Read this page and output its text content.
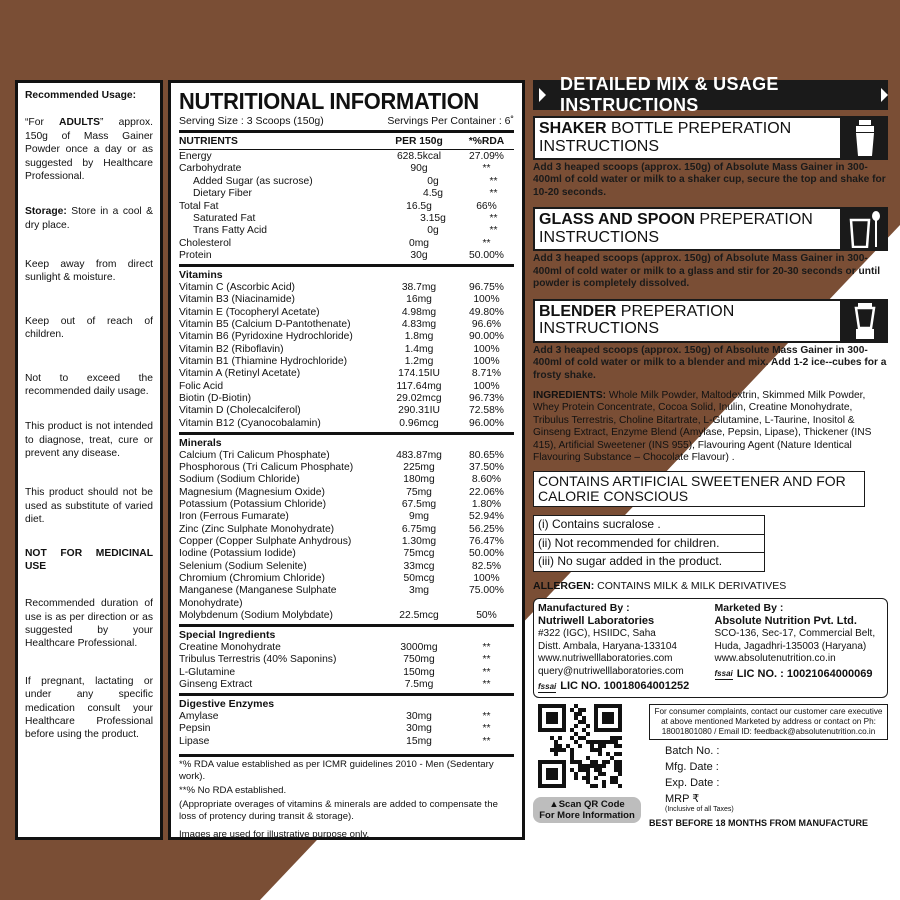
Recommended Usage:
“For ADULTS” approx. 150g of Mass Gainer Powder once a day or as suggested by Healthcare Professional.
Storage: Store in a cool & dry place.
Keep away from direct sunlight & moisture.
Keep out of reach of children.
Not to exceed the recommended daily usage.
This product is not intended to diagnose, treat, cure or prevent any disease.
This product should not be used as substitute of varied diet.
NOT FOR MEDICINAL USE
Recommended duration of use is as per direction or as suggested by your Healthcare Professional.
If pregnant, lactating or under any specific medication consult your Healthcare Professional before using the product.
NUTRITIONAL INFORMATION
Serving Size : 3 Scoops (150g)	Servings Per Container : 6˚
NUTRIENTS	PER 150g	*%RDA
Energy	628.5kcal	27.09%
Carbohydrate	90g	**
Added Sugar (as sucrose)	0g	**
Dietary Fiber	4.5g	**
Total Fat	16.5g	66%
Saturated Fat	3.15g	**
Trans Fatty Acid	0g	**
Cholesterol	0mg	**
Protein	30g	50.00%
Vitamins
Vitamin C (Ascorbic Acid)	38.7mg	96.75%
Vitamin B3 (Niacinamide)	16mg	100%
Vitamin E (Tocopheryl Acetate)	4.98mg	49.80%
Vitamin B5 (Calcium D-Pantothenate)	4.83mg	96.6%
Vitamin B6 (Pyridoxine Hydrochloride)	1.8mg	90.00%
Vitamin B2 (Riboflavin)	1.4mg	100%
Vitamin B1 (Thiamine Hydrochloride)	1.2mg	100%
Vitamin A (Retinyl Acetate)	174.15IU	8.71%
Folic Acid	117.64mg	100%
Biotin (D-Biotin)	29.02mcg	96.73%
Vitamin D (Cholecalciferol)	290.31IU	72.58%
Vitamin B12 (Cyanocobalamin)	0.96mcg	96.00%
Minerals
Calcium (Tri Calicum Phosphate)	483.87mg	80.65%
Phosphorous (Tri Calicum Phosphate)	225mg	37.50%
Sodium (Sodium Chloride)	180mg	8.60%
Magnesium (Magnesium Oxide)	75mg	22.06%
Potassium (Potassium Chloride)	67.5mg	1.80%
Iron (Ferrous Fumarate)	9mg	52.94%
Zinc (Zinc Sulphate Monohydrate)	6.75mg	56.25%
Copper (Copper Sulphate Anhydrous)	1.30mg	76.47%
Iodine (Potassium Iodide)	75mcg	50.00%
Selenium (Sodium Selenite)	33mcg	82.5%
Chromium (Chromium Chloride)	50mcg	100%
Manganese (Manganese Sulphate Monohydrate)
3mg	75.00%
Molybdenum (Sodium Molybdate)	22.5mcg	50%
Special Ingredients
Creatine Monohydrate	3000mg	**
Tribulus Terrestris (40% Saponins)	750mg	**
L-Glutamine	150mg	**
Ginseng Extract	7.5mg	**
Digestive Enzymes
Amylase	30mg	**
Pepsin	30mg	**
Lipase	15mg	**

*% RDA value established as per ICMR guidelines 2010 - Men (Sedentary work).

**% No RDA established.

(Appropriate overages of vitamins & minerals are added to compensate the loss of protency during transit & storage).

Images are used for illustrative purpose only.

DETAILED MIX & USAGE INSTRUCTIONS
SHAKER BOTTLE PREPERATION INSTRUCTIONS
Add 3 heaped scoops (approx. 150g) of Absolute Mass Gainer in 300-400ml of cold water or milk to a shaker cup, secure the top and shake for 10-20 seconds.
GLASS AND SPOON PREPERATION INSTRUCTIONS
Add 3 heaped scoops (approx. 150g) of Absolute Mass Gainer in 300-400ml of cold water or milk to a glass and stir for 20-30 seconds or until powder is completely dissolved.
BLENDER PREPERATION INSTRUCTIONS
Add 3 heaped scoops (approx. 150g) of Absolute Mass Gainer in 300-400ml of cold water or milk to a blender and mix. Add 1-2 ice--cubes for a frosty shake.
INGREDIENTS: Whole Milk Powder, Maltodextrin, Skimmed Milk Powder, Whey Protein Concentrate, Cocoa Solid, Inulin, Creatine Monohydrate, Tribulus Terrestris, Choline Bitartrate, L-Glutamine, L-Taurine, Inositol & Ginseng Extract, Enzyme Blend (Amylase, Pepsin, Lipase), Thickener (INS 415), Artificial Sweetener (INS 955), Flavouring Agent (Nature Identical Flavouring Substance – Chocolate Flavour) .
CONTAINS ARTIFICIAL SWEETENER AND FOR CALORIE CONSCIOUS
(i) Contains sucralose .
(ii) Not recommended for children.
(iii) No sugar added in the product.
ALLERGEN: CONTAINS MILK & MILK DERIVATIVES
Manufactured By :
Nutriwell Laboratories
#322 (IGC), HSIIDC, Saha
Distt. Ambala, Haryana-133104
www.nutriwelllaboratories.com
query@nutriwelllaboratories.com
fssai LIC NO. 10018064001252
Marketed By :
Absolute Nutrition Pvt. Ltd.
SCO-136, Sec-17, Commercial Belt,
Huda, Jagadhri-135003 (Haryana)
www.absolutenutrition.co.in
fssai LIC NO. : 10021064000069
▲Scan QR Code
For More Information
For consumer complaints, contact our customer care executive at above mentioned Marketed by address or contact on Ph: 18001801080 / Email ID: feedback@absolutenutrition.co.in
Batch No. :
Mfg. Date :
Exp. Date :
MRP ₹
(Inclusive of all Taxes)
BEST BEFORE 18 MONTHS FROM MANUFACTURE
